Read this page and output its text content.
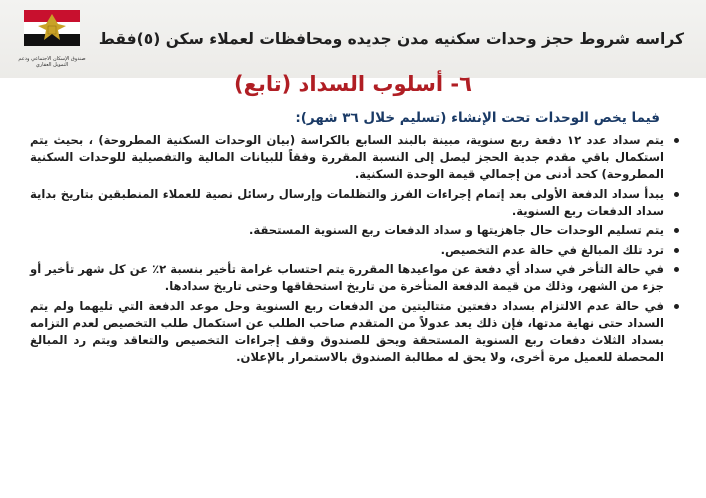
صندوق الإسكان الاجتماعي ودعم التمويل العقاري
كراسه شروط حجز وحدات سكنيه مدن جديده ومحافظات لعملاء سكن (٥)فقط
٦- أسلوب السداد (تابع)
فيما يخص الوحدات تحت الإنشاء (تسليم خلال ٣٦ شهر):
يتم سداد عدد ١٢ دفعة ربع سنوية، مبينة بالبند السابع بالكراسة (بيان الوحدات السكنية المطروحة) ، بحيث يتم استكمال باقي مقدم جدية الحجز ليصل إلى النسبة المقررة وفقاً للبيانات المالية والتفصيلية للوحدات السكنية المطروحة) كحد أدنى من إجمالي قيمة الوحدة السكنية.
يبدأ سداد الدفعة الأولى بعد إتمام إجراءات الفرز والتظلمات وإرسال رسائل نصية للعملاء المنطبقين بتاريخ بداية سداد الدفعات ربع السنوية.
يتم تسليم الوحدات حال جاهزيتها و سداد الدفعات ربع السنوية المستحقة.
ترد تلك المبالغ في حالة عدم التخصيص.
في حالة التأخر في سداد أي دفعة عن مواعيدها المقررة يتم احتساب غرامة تأخير بنسبة ٢٪ عن كل شهر تأخير أو جزء من الشهر، وذلك من قيمة الدفعة المتأخرة من تاريخ استحقاقها وحتى تاريخ سدادها.
في حالة عدم الالتزام بسداد دفعتين متتاليتين من الدفعات ربع السنوية وحل موعد الدفعة التي تليهما ولم يتم السداد حتى نهاية مدتها، فإن ذلك يعد عدولاً من المتقدم صاحب الطلب عن استكمال طلب التخصيص لعدم التزامه بسداد الثلاث دفعات ربع السنوية المستحقة ويحق للصندوق وقف إجراءات التخصيص والتعاقد ويتم رد المبالغ المحصلة للعميل مرة أخرى، ولا يحق له مطالبة الصندوق بالاستمرار بالإعلان.
